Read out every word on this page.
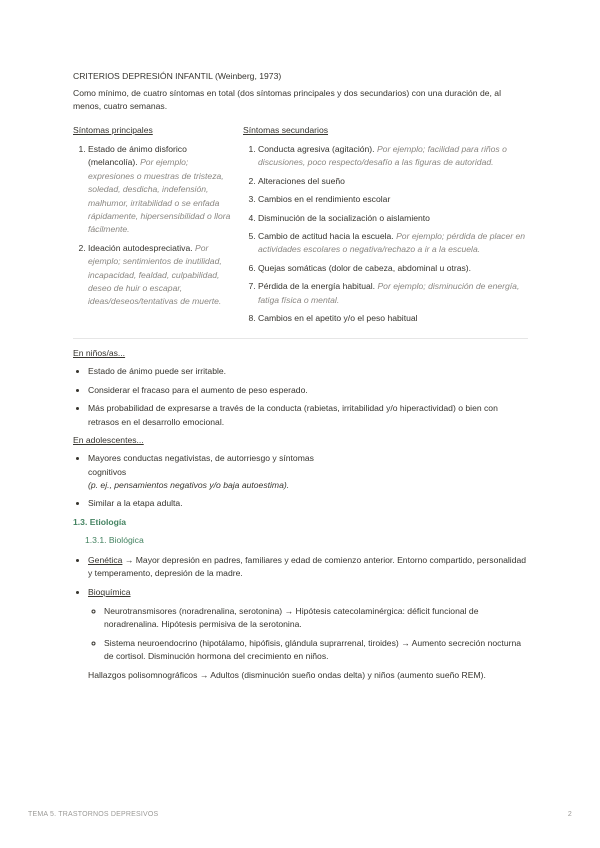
CRITERIOS DEPRESIÓN INFANTIL (Weinberg, 1973)
Como mínimo, de cuatro síntomas en total (dos síntomas principales y dos secundarios) con una duración de, al menos, cuatro semanas.
Síntomas principales
1. Estado de ánimo disforico (melancolía). Por ejemplo; expresiones o muestras de tristeza, soledad, desdicha, indefensión, malhumor, irritabilidad o se enfada rápidamente, hipersensibilidad o llora fácilmente.
2. Ideación autodespreciativa. Por ejemplo; sentimientos de inutilidad, incapacidad, fealdad, culpabilidad, deseo de huir o escapar, ideas/deseos/tentativas de muerte.
Síntomas secundarios
1. Conducta agresiva (agitación). Por ejemplo; facilidad para riños o discusiones, poco respecto/desafío a las figuras de autoridad.
2. Alteraciones del sueño
3. Cambios en el rendimiento escolar
4. Disminución de la socialización o aislamiento
5. Cambio de actitud hacia la escuela. Por ejemplo; pérdida de placer en actividades escolares o negativa/rechazo a ir a la escuela.
6. Quejas somáticas (dolor de cabeza, abdominal u otras).
7. Pérdida de la energía habitual. Por ejemplo; disminución de energía, fatiga física o mental.
8. Cambios en el apetito y/o el peso habitual
En niños/as...
• Estado de ánimo puede ser irritable.
• Considerar el fracaso para el aumento de peso esperado.
• Más probabilidad de expresarse a través de la conducta (rabietas, irritabilidad y/o hiperactividad) o bien con retrasos en el desarrollo emocional.
En adolescentes...
• Mayores conductas negativistas, de autorriesgo y síntomas
cognitivos
(p. ej., pensamientos negativos y/o baja autoestima).
• Similar a la etapa adulta.
1.3. Etiología
1.3.1. Biológica
• Genética → Mayor depresión en padres, familiares y edad de comienzo anterior. Entorno compartido, personalidad y temperamento, depresión de la madre.
• Bioquímica
◦ Neurotransmisores (noradrenalina, serotonina) → Hipótesis catecolaminérgica: déficit funcional de noradrenalina. Hipótesis permisiva de la serotonina.
◦ Sistema neuroendocrino (hipotálamo, hipófisis, glándula suprarrenal, tiroides) → Aumento secreción nocturna de cortisol. Disminución hormona del crecimiento en niños.
Hallazgos polisomnográficos → Adultos (disminución sueño ondas delta) y niños (aumento sueño REM).
TEMA 5. TRASTORNOS DEPRESIVOS	2
